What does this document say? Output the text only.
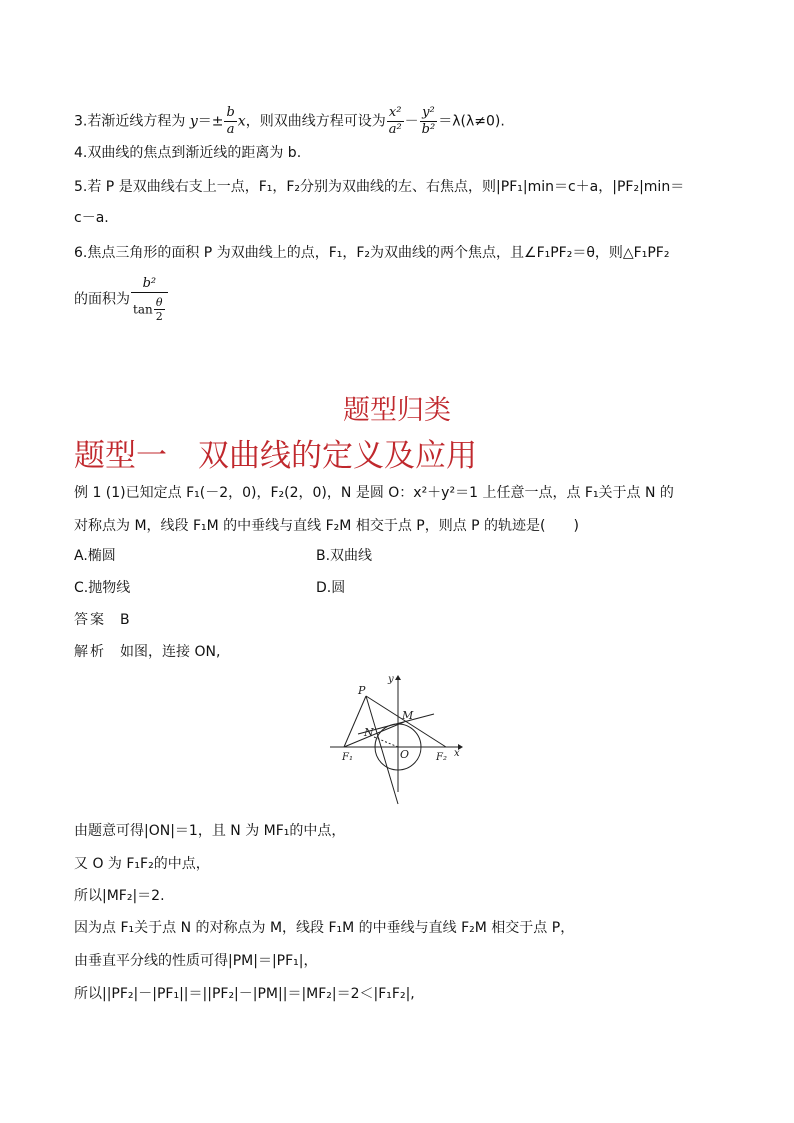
3.若渐近线方程为 $y=\pm \frac{b}{a}$ x，则双曲线方程可设为 $\frac{\text{x²}}{\text{a²}} - \frac{\text{y²}}{\text{b²}} =\lambda(\lambda\ne 0)$.
4.双曲线的焦点到渐近线的距离为 b.
5.若 P 是双曲线右支上一点，F₁，F₂分别为双曲线的左、右焦点，则|PF₁|min＝c＋a，|PF₂|min＝
c－a.
6.焦点三角形的面积 P 为双曲线上的点，F₁，F₂为双曲线的两个焦点，且∠F₁PF₂＝θ，则△F₁PF₂
的面积为 $\frac{\text{b²}}{\tan \frac{\theta}{2}}$
题型归类
题型一　双曲线的定义及应用
例 1 (1)已知定点 F₁(－2，0)，F₂(2，0)，N 是圆 O：x²＋y²＝1 上任意一点，点 F₁关于点 N 的
对称点为 M，线段 F₁M 的中垂线与直线 F₂M 相交于点 P，则点 P 的轨迹是(　　)
A.椭圆	B.双曲线
C.抛物线	D.圆
答案　 B
解析　 如图，连接 ON,
P
M
N
O
F₁	F₂ x
y
由题意可得|ON|＝1，且 N 为 MF₁的中点，
又 O 为 F₁F₂的中点，
所以|MF₂|＝2.
因为点 F₁关于点 N 的对称点为 M，线段 F₁M 的中垂线与直线 F₂M 相交于点 P，
由垂直平分线的性质可得|PM|＝|PF₁|，
所以||PF₂|－|PF₁||＝||PF₂|－|PM||＝|MF₂|＝2＜|F₁F₂|,
